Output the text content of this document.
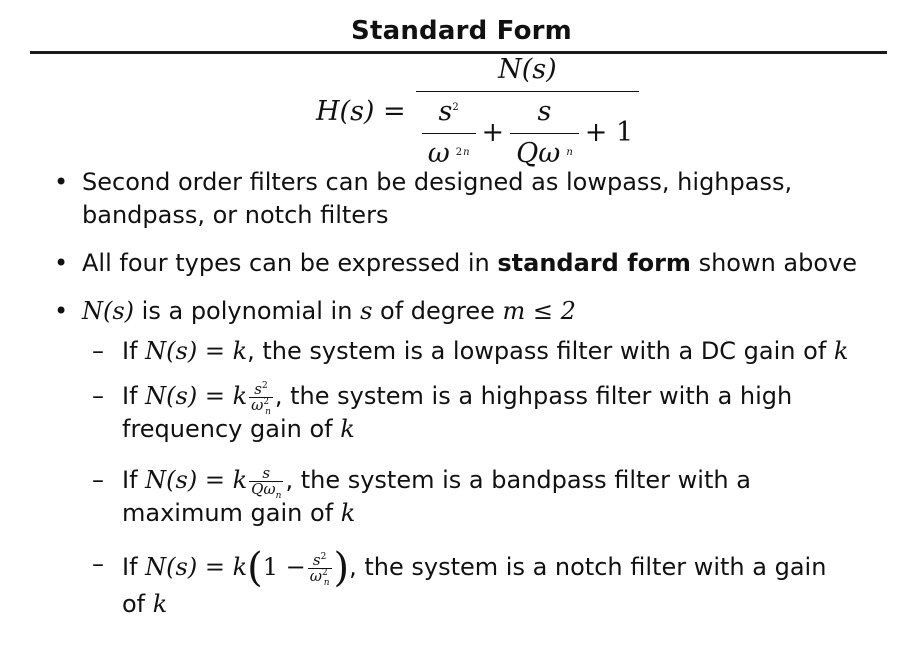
Standard Form
H(s) =
N(s)
$\frac{s^2}{\omega 2 n} + \frac{s}{\text{Qω n}} + 1$
• Second order filters can be designed as lowpass, highpass,
bandpass, or notch filters
• All four types can be expressed in standard form shown above
• N(s) is a polynomial in s of degree m ≤ 2
– If N(s) = k, the system is a lowpass filter with a DC gain of k
– If N(s) = k $\frac{s^2}{\omega^2_n}$ , the system is a highpass filter with a high
frequency gain of k
– If N(s) = k $\frac{s}{Q\omega_n}$ , the system is a bandpass filter with a
maximum gain of k
– If $N(s) = k(1 - \frac{s^2}{\omega^2_n}$ ), the system is a notch filter with a gain
of k
